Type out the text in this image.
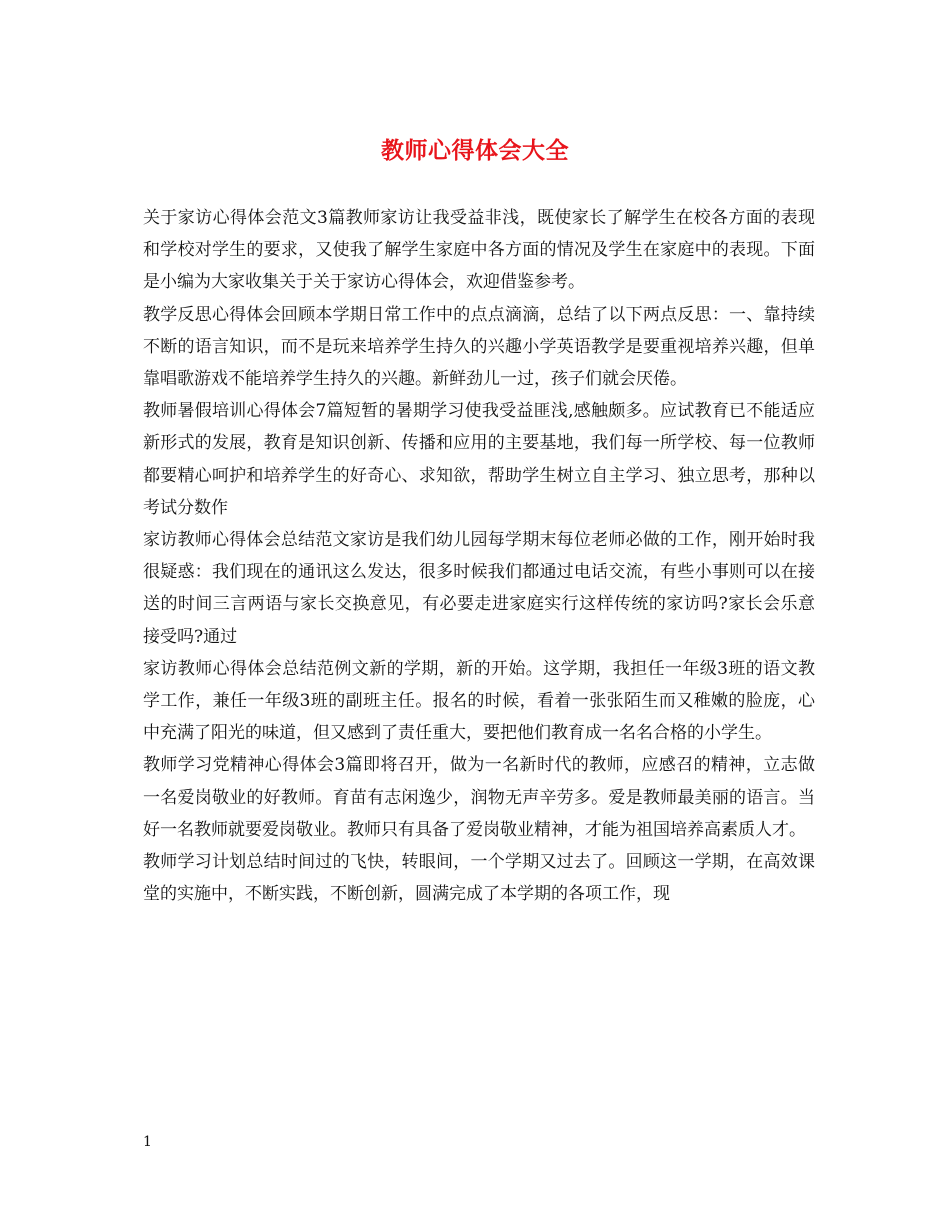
教师心得体会大全

关于家访心得体会范文3篇教师家访让我受益非浅，既使家长了解学生在校各方面的表现和学校对学生的要求，又使我了解学生家庭中各方面的情况及学生在家庭中的表现。下面是小编为大家收集关于关于家访心得体会，欢迎借鉴参考。

教学反思心得体会回顾本学期日常工作中的点点滴滴，总结了以下两点反思：一、靠持续不断的语言知识，而不是玩来培养学生持久的兴趣小学英语教学是要重视培养兴趣，但单靠唱歌游戏不能培养学生持久的兴趣。新鲜劲儿一过，孩子们就会厌倦。

教师暑假培训心得体会7篇短暂的暑期学习使我受益匪浅,感触颇多。应试教育已不能适应新形式的发展，教育是知识创新、传播和应用的主要基地，我们每一所学校、每一位教师都要精心呵护和培养学生的好奇心、求知欲，帮助学生树立自主学习、独立思考，那种以考试分数作

家访教师心得体会总结范文家访是我们幼儿园每学期末每位老师必做的工作，刚开始时我很疑惑：我们现在的通讯这么发达，很多时候我们都通过电话交流，有些小事则可以在接送的时间三言两语与家长交换意见，有必要走进家庭实行这样传统的家访吗?家长会乐意接受吗?通过

家访教师心得体会总结范例文新的学期，新的开始。这学期，我担任一年级3班的语文教学工作，兼任一年级3班的副班主任。报名的时候，看着一张张陌生而又稚嫩的脸庞，心中充满了阳光的味道，但又感到了责任重大，要把他们教育成一名名合格的小学生。

教师学习党精神心得体会3篇即将召开，做为一名新时代的教师，应感召的精神，立志做一名爱岗敬业的好教师。育苗有志闲逸少，润物无声辛劳多。爱是教师最美丽的语言。当好一名教师就要爱岗敬业。教师只有具备了爱岗敬业精神，才能为祖国培养高素质人才。

教师学习计划总结时间过的飞快，转眼间，一个学期又过去了。回顾这一学期，在高效课堂的实施中，不断实践，不断创新，圆满完成了本学期的各项工作，现

1
